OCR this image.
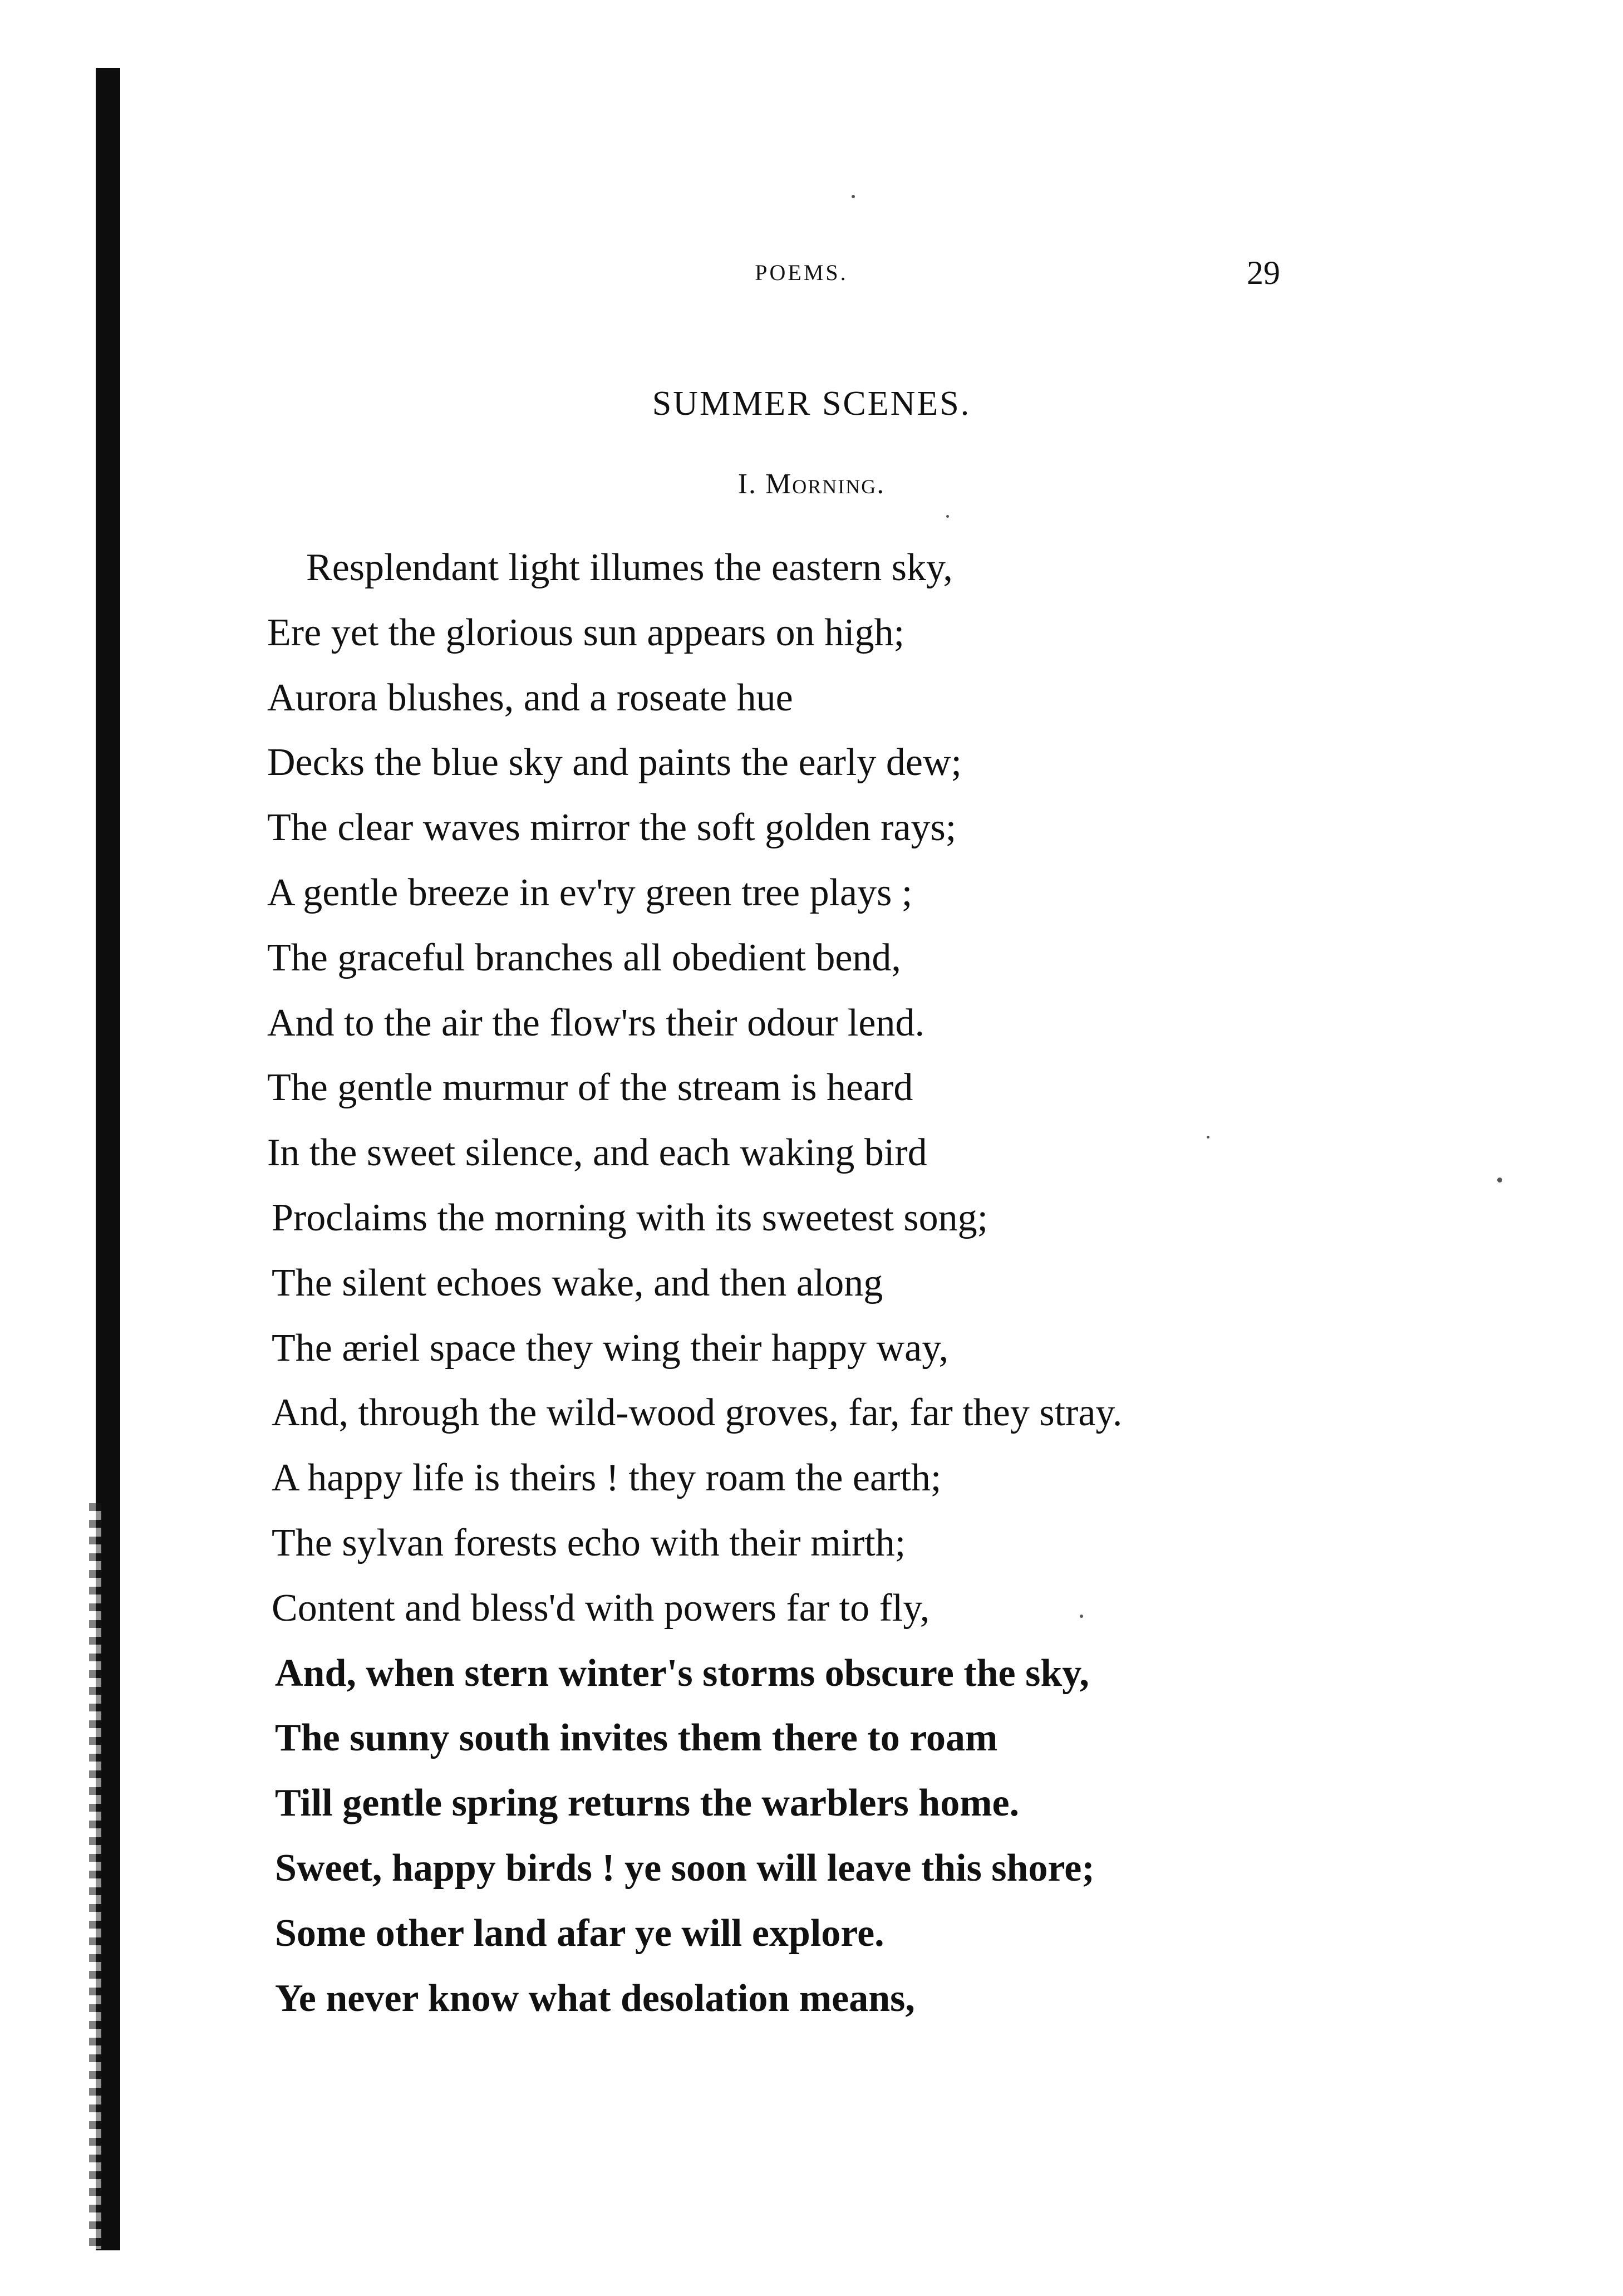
POEMS.	29
SUMMER SCENES.
I. Morning.
Resplendant light illumes the eastern sky,
Ere yet the glorious sun appears on high;
Aurora blushes, and a roseate hue
Decks the blue sky and paints the early dew;
The clear waves mirror the soft golden rays;
A gentle breeze in ev'ry green tree plays ;
The graceful branches all obedient bend,
And to the air the flow'rs their odour lend.
The gentle murmur of the stream is heard
In the sweet silence, and each waking bird
Proclaims the morning with its sweetest song;
The silent echoes wake, and then along
The æriel space they wing their happy way,
And, through the wild-wood groves, far, far they stray.
A happy life is theirs ! they roam the earth;
The sylvan forests echo with their mirth;
Content and bless'd with powers far to fly,
And, when stern winter's storms obscure the sky,
The sunny south invites them there to roam
Till gentle spring returns the warblers home.
Sweet, happy birds ! ye soon will leave this shore;
Some other land afar ye will explore.
Ye never know what desolation means,
